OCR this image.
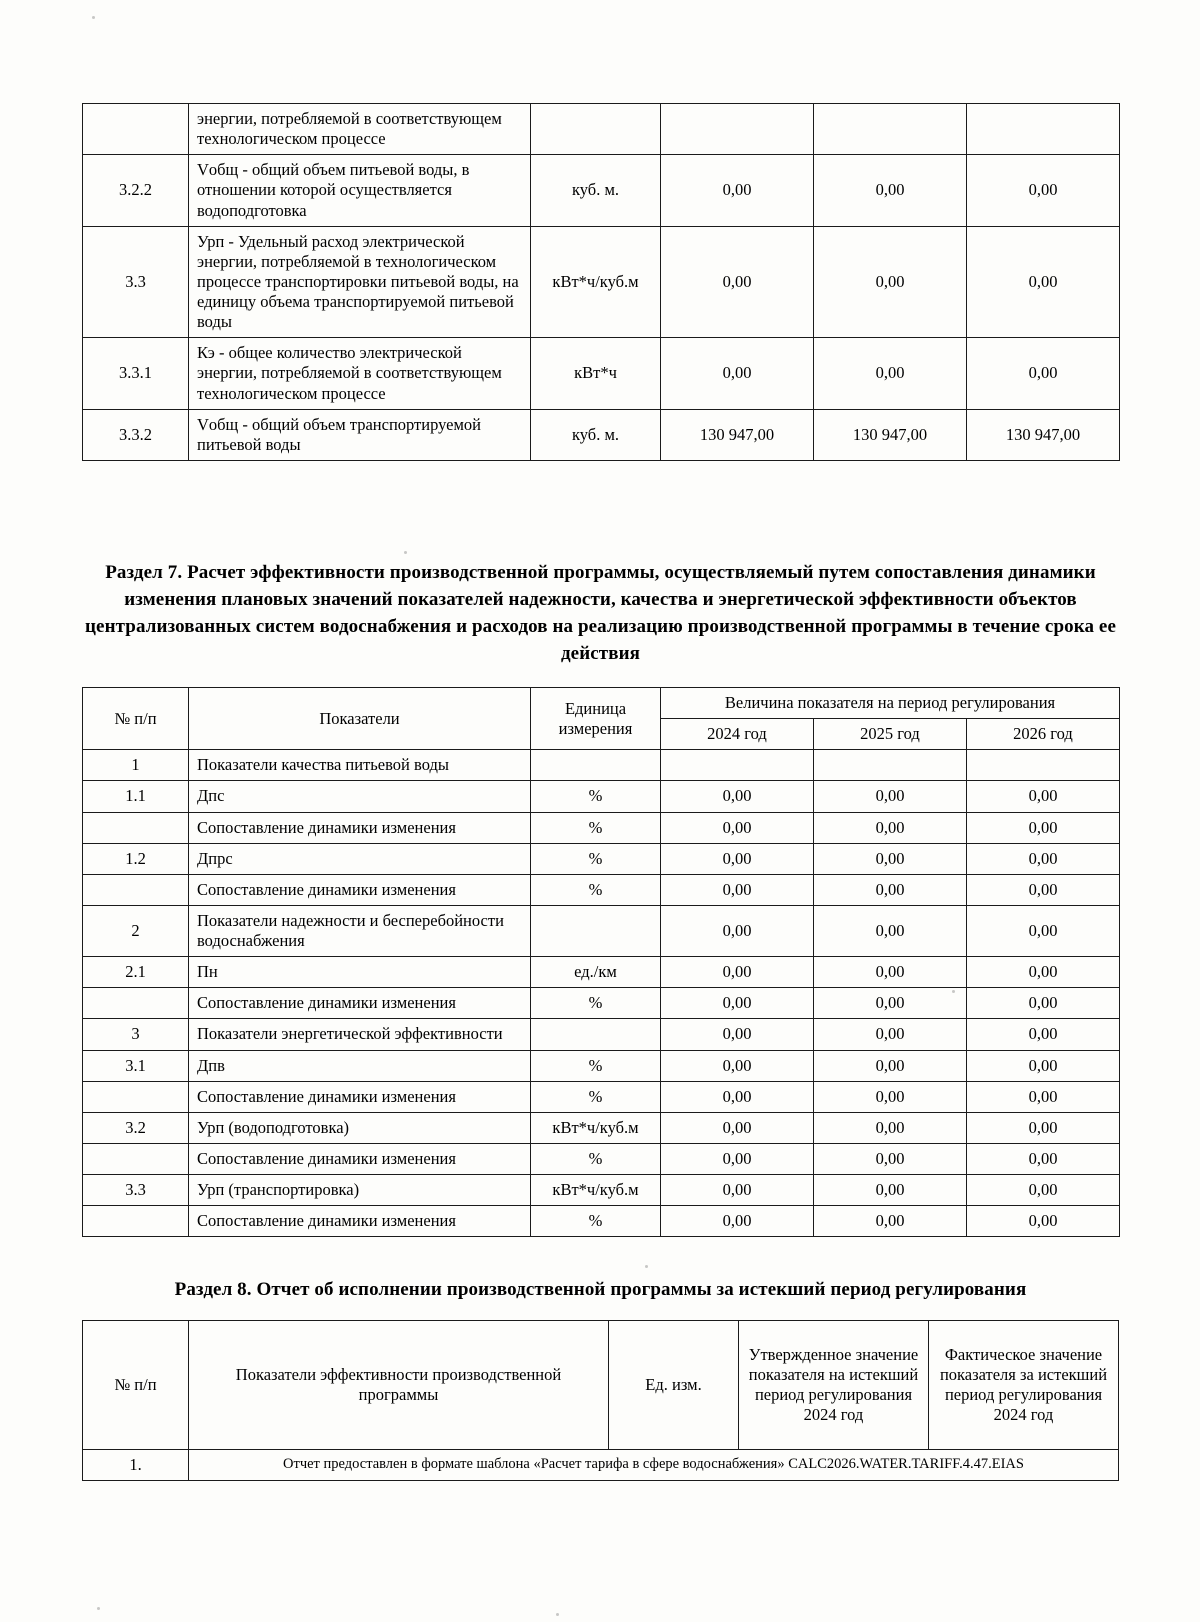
	энергии, потребляемой в соответствующем технологическом процессе				
3.2.2	Vобщ - общий объем питьевой воды, в отношении которой осуществляется водоподготовка	куб. м.	0,00	0,00	0,00
3.3	Урп - Удельный расход электрической энергии, потребляемой в технологическом процессе транспортировки питьевой воды, на единицу объема транспортируемой питьевой воды	кВт*ч/куб.м	0,00	0,00	0,00
3.3.1	Кэ - общее количество электрической энергии, потребляемой в соответствующем технологическом процессе	кВт*ч	0,00	0,00	0,00
3.3.2	Vобщ - общий объем транспортируемой питьевой воды	куб. м.	130 947,00	130 947,00	130 947,00
Раздел 7. Расчет эффективности производственной программы, осуществляемый путем сопоставления динамики изменения плановых значений показателей надежности, качества и энергетической эффективности объектов централизованных систем водоснабжения и расходов на реализацию производственной программы в течение срока ее действия
№ п/п	Показатели	Единица измерения	Величина показателя на период регулирования		
			2024 год	2025 год	2026 год
1	Показатели качества питьевой воды				
1.1	Дпс	%	0,00	0,00	0,00
	Сопоставление динамики изменения	%	0,00	0,00	0,00
1.2	Дпрс	%	0,00	0,00	0,00
	Сопоставление динамики изменения	%	0,00	0,00	0,00
2	Показатели надежности и бесперебойности водоснабжения		0,00	0,00	0,00
2.1	Пн	ед./км	0,00	0,00	0,00
	Сопоставление динамики изменения	%	0,00	0,00	0,00
3	Показатели энергетической эффективности		0,00	0,00	0,00
3.1	Дпв	%	0,00	0,00	0,00
	Сопоставление динамики изменения	%	0,00	0,00	0,00
3.2	Урп (водоподготовка)	кВт*ч/куб.м	0,00	0,00	0,00
	Сопоставление динамики изменения	%	0,00	0,00	0,00
3.3	Урп (транспортировка)	кВт*ч/куб.м	0,00	0,00	0,00
	Сопоставление динамики изменения	%	0,00	0,00	0,00
Раздел 8. Отчет об исполнении производственной программы за истекший период регулирования
№ п/п	Показатели эффективности производственной программы	Ед. изм.	Утвержденное значение показателя на истекший период регулирования 2024 год	Фактическое значение показателя за истекший период регулирования 2024 год
1.	Отчет предоставлен в формате шаблона «Расчет тарифа в сфере водоснабжения» CALC2026.WATER.TARIFF.4.47.EIAS			
